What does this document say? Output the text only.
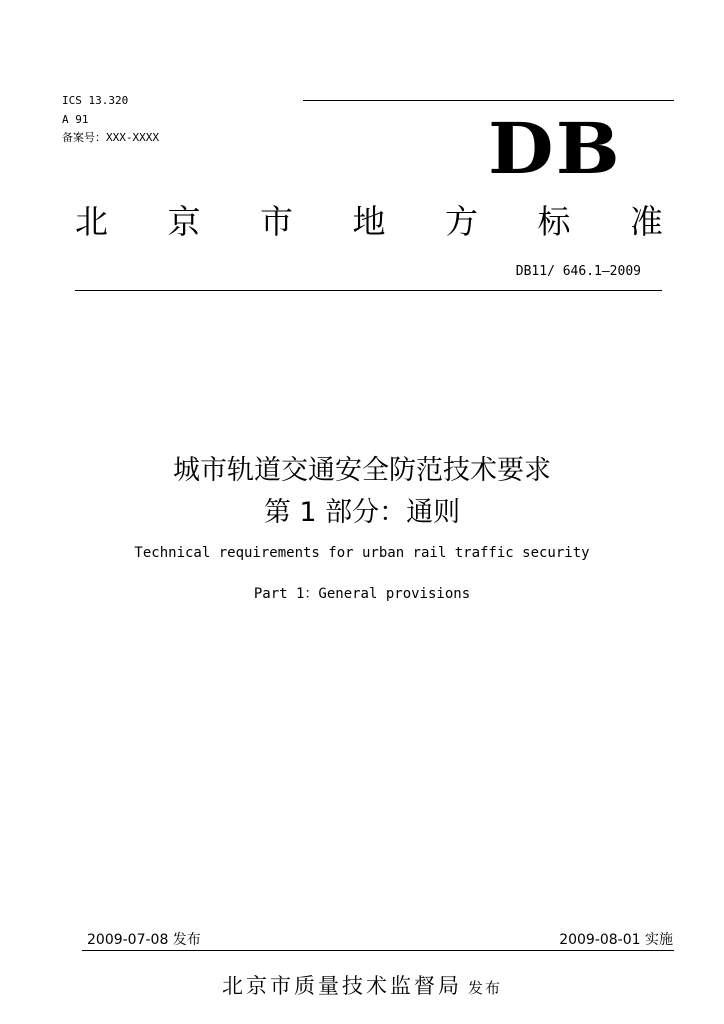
ICS 13.320
A 91
备案号：XXX-XXXX	DB
北 京 市 地 方 标 准
DB11/ 646.1—2009
城市轨道交通安全防范技术要求
第 1 部分：通则
Technical requirements for urban rail traffic security
Part 1：General provisions
2009-07-08 发布	2009-08-01 实施
北京市质量技术监督局 发布
